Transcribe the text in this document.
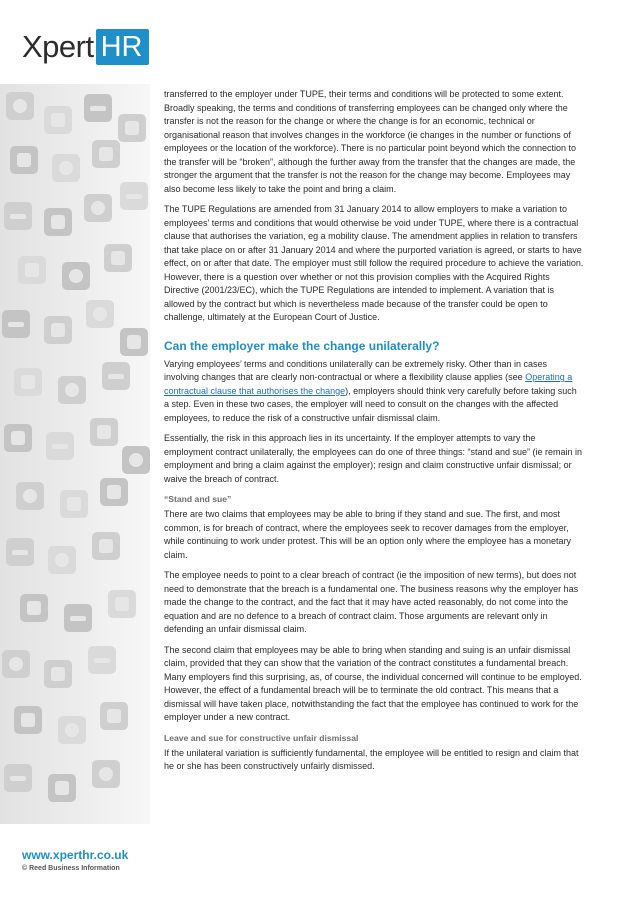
Xpert HR

transferred to the employer under TUPE, their terms and conditions will be protected to some extent. Broadly speaking, the terms and conditions of transferring employees can be changed only where the transfer is not the reason for the change or where the change is for an economic, technical or organisational reason that involves changes in the workforce (ie changes in the number or functions of employees or the location of the workforce). There is no particular point beyond which the connection to the transfer will be “broken”, although the further away from the transfer that the changes are made, the stronger the argument that the transfer is not the reason for the change may become. Employees may also become less likely to take the point and bring a claim.

The TUPE Regulations are amended from 31 January 2014 to allow employers to make a variation to employees’ terms and conditions that would otherwise be void under TUPE, where there is a contractual clause that authorises the variation, eg a mobility clause. The amendment applies in relation to transfers that take place on or after 31 January 2014 and where the purported variation is agreed, or starts to have effect, on or after that date. The employer must still follow the required procedure to achieve the variation. However, there is a question over whether or not this provision complies with the Acquired Rights Directive (2001/23/EC), which the TUPE Regulations are intended to implement. A variation that is allowed by the contract but which is nevertheless made because of the transfer could be open to challenge, ultimately at the European Court of Justice.

Can the employer make the change unilaterally?

Varying employees’ terms and conditions unilaterally can be extremely risky. Other than in cases involving changes that are clearly non-contractual or where a flexibility clause applies (see Operating a contractual clause that authorises the change), employers should think very carefully before taking such a step. Even in these two cases, the employer will need to consult on the changes with the affected employees, to reduce the risk of a constructive unfair dismissal claim.

Essentially, the risk in this approach lies in its uncertainty. If the employer attempts to vary the employment contract unilaterally, the employees can do one of three things: “stand and sue” (ie remain in employment and bring a claim against the employer); resign and claim constructive unfair dismissal; or waive the breach of contract.

“Stand and sue”

There are two claims that employees may be able to bring if they stand and sue. The first, and most common, is for breach of contract, where the employees seek to recover damages from the employer, while continuing to work under protest. This will be an option only where the employee has a monetary claim.

The employee needs to point to a clear breach of contract (ie the imposition of new terms), but does not need to demonstrate that the breach is a fundamental one. The business reasons why the employer has made the change to the contract, and the fact that it may have acted reasonably, do not come into the equation and are no defence to a breach of contract claim. Those arguments are relevant only in defending an unfair dismissal claim.

The second claim that employees may be able to bring when standing and suing is an unfair dismissal claim, provided that they can show that the variation of the contract constitutes a fundamental breach. Many employers find this surprising, as, of course, the individual concerned will continue to be employed. However, the effect of a fundamental breach will be to terminate the old contract. This means that a dismissal will have taken place, notwithstanding the fact that the employee has continued to work for the employer under a new contract.

Leave and sue for constructive unfair dismissal

If the unilateral variation is sufficiently fundamental, the employee will be entitled to resign and claim that he or she has been constructively unfairly dismissed.

www.xperthr.co.uk
© Reed Business Information
